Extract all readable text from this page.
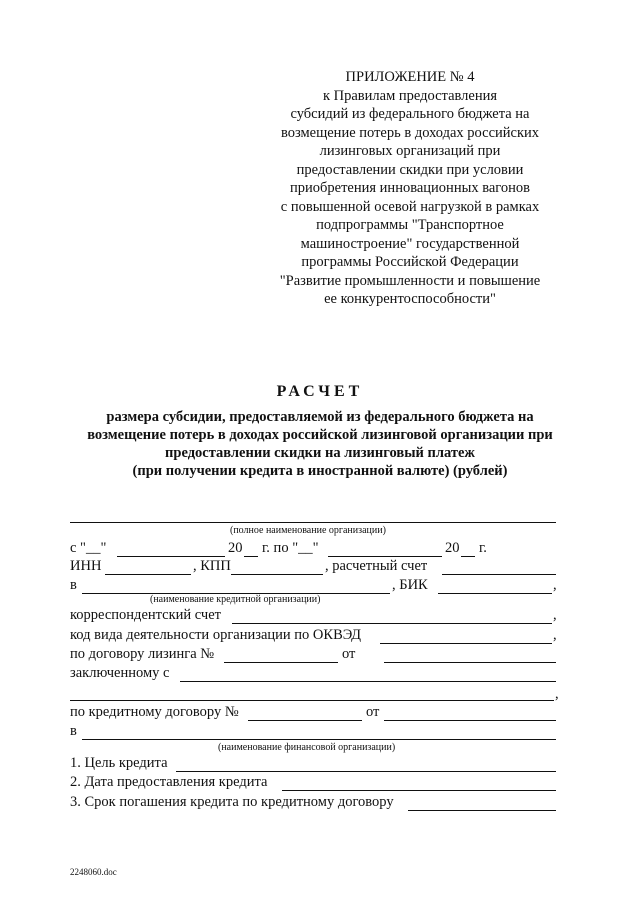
ПРИЛОЖЕНИЕ № 4
к Правилам предоставления
субсидий из федерального бюджета на
возмещение потерь в доходах российских
лизинговых организаций при
предоставлении скидки при условии
приобретения инновационных вагонов
с повышенной осевой нагрузкой в рамках
подпрограммы "Транспортное
машиностроение" государственной
программы Российской Федерации
"Развитие промышленности и повышение
ее конкурентоспособности"
РАСЧЕТ
размера субсидии, предоставляемой из федерального бюджета на
возмещение потерь в доходах российской лизинговой организации при
предоставлении скидки на лизинговый платеж
(при получении кредита в иностранной валюте) (рублей)
(полное наименование организации)
с "__"	20 г. по "__"	20 г.
ИНН	, КПП	, расчетный счет
в	, БИК	,
(наименование кредитной организации)
корреспондентский счет	,
код вида деятельности организации по ОКВЭД	,
по договору лизинга №	от
заключенному с
,
по кредитному договору №	от
в
(наименование финансовой организации)
1. Цель кредита
2. Дата предоставления кредита
3. Срок погашения кредита по кредитному договору
2248060.doc
